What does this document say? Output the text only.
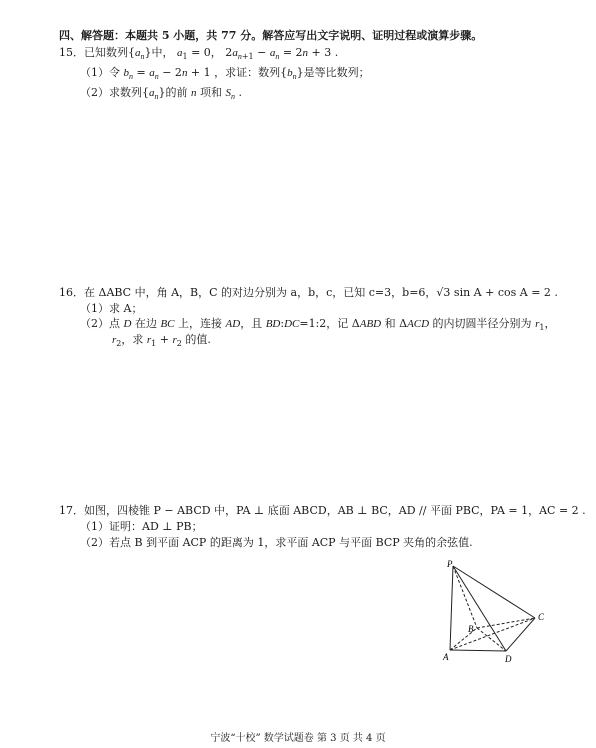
四、解答题：本题共 5 小题，共 77 分。解答应写出文字说明、证明过程或演算步骤。
15．已知数列$\{a_n\}$中， $a_1 = 0$， $2a_{n+1} - a_n = 2n + 3$ .
（1）令 $b_n = a_n - 2n + 1$ ，求证：数列$\{b_n\}$是等比数列；
（2）求数列$\{a_n\}$的前 n 项和 $S_n$ .
16．在 ΔABC 中，角 A，B，C 的对边分别为 a，b，c，已知 c=3，b=6，√3 sin A + cos A = 2 .
（1）求 A；
（2）点 D 在边 BC 上，连接 AD，且 BD:DC=1:2，记 ΔABD 和 ΔACD 的内切圆半径分别为 $r_1$，
$r_2$，求 $r_1 + r_2$ 的值.
17．如图，四棱锥 P − ABCD 中，PA ⊥ 底面 ABCD，AB ⊥ BC，AD // 平面 PBC，PA = 1，AC = 2 .
（1）证明：AD ⊥ PB；
（2）若点 B 到平面 ACP 的距离为 1，求平面 ACP 与平面 BCP 夹角的余弦值.
P
B
C
A	D
宁波“十校” 数学试题卷 第 3 页 共 4 页
